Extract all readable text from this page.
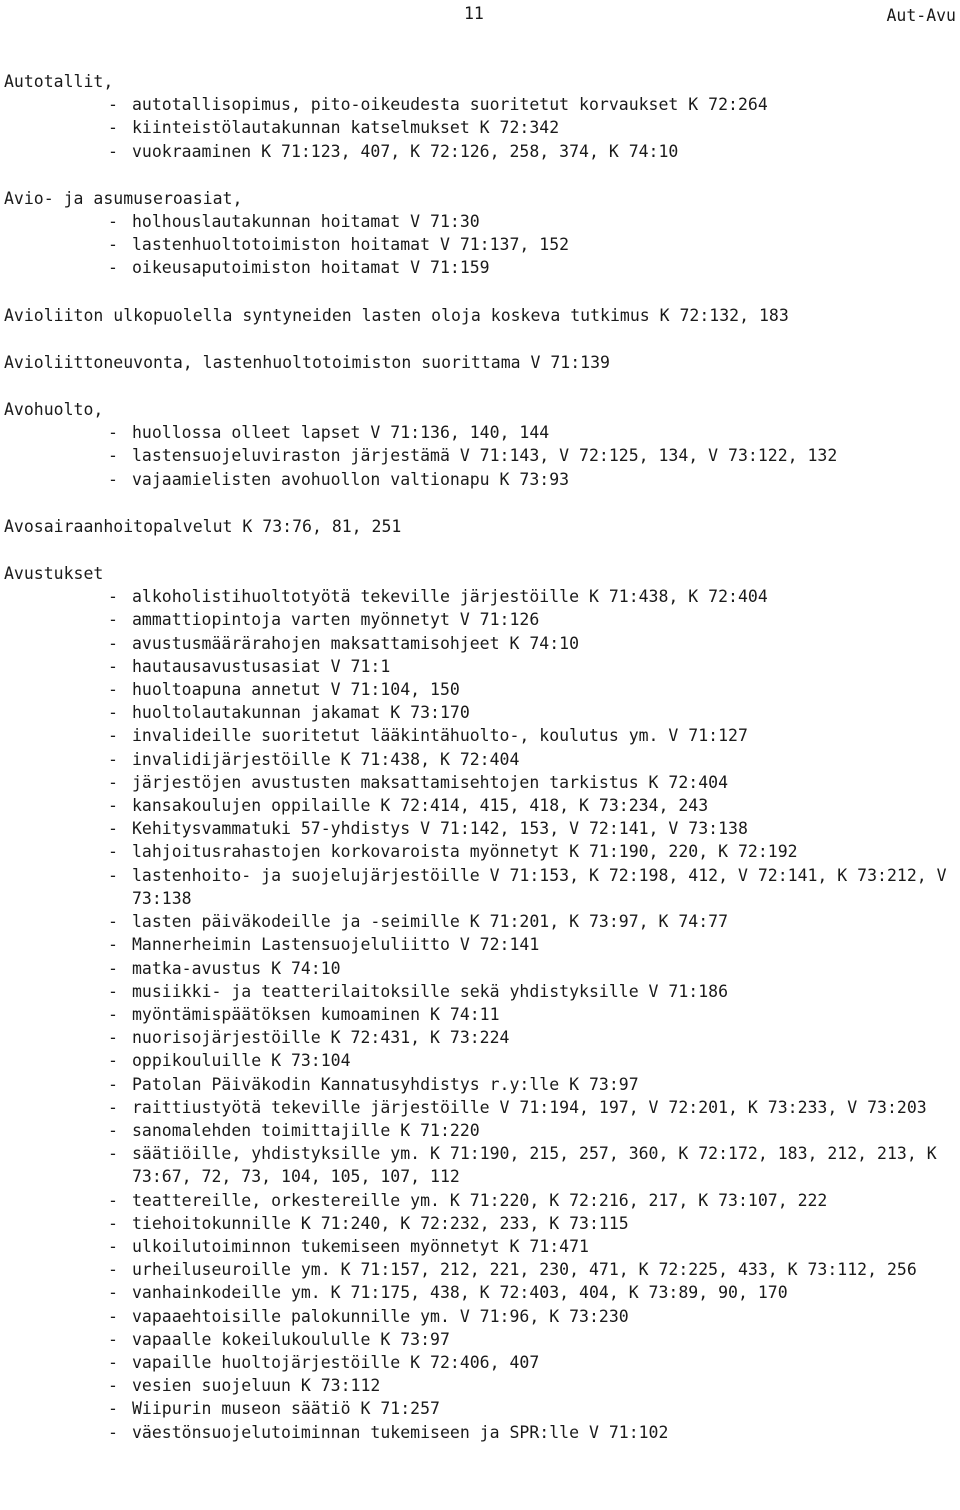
11	Aut-Avu
Autotallit,
- autotallisopimus, pito-oikeudesta suoritetut korvaukset K 72:264
- kiinteistölautakunnan katselmukset K 72:342
- vuokraaminen K 71:123, 407, K 72:126, 258, 374, K 74:10
Avio- ja asumuseroasiat,
- holhouslautakunnan hoitamat V 71:30
- lastenhuoltotoimiston hoitamat V 71:137, 152
- oikeusaputoimiston hoitamat V 71:159
Avioliiton ulkopuolella syntyneiden lasten oloja koskeva tutkimus K 72:132, 183
Avioliittoneuvonta, lastenhuoltotoimiston suorittama V 71:139
Avohuolto,
- huollossa olleet lapset V 71:136, 140, 144
- lastensuojeluviraston järjestämä V 71:143, V 72:125, 134, V 73:122, 132
- vajaamielisten avohuollon valtionapu K 73:93
Avosairaanhoitopalvelut K 73:76, 81, 251
Avustukset
- alkoholistihuoltotyötä tekeville järjestöille K 71:438, K 72:404
- ammattiopintoja varten myönnetyt V 71:126
- avustusmäärärahojen maksattamisohjeet K 74:10
- hautausavustusasiat V 71:1
- huoltoapuna annetut V 71:104, 150
- huoltolautakunnan jakamat K 73:170
- invalideille suoritetut lääkintähuolto-, koulutus ym. V 71:127
- invalidijärjestöille K 71:438, K 72:404
- järjestöjen avustusten maksattamisehtojen tarkistus K 72:404
- kansakoulujen oppilaille K 72:414, 415, 418, K 73:234, 243
- Kehitysvammatuki 57-yhdistys V 71:142, 153, V 72:141, V 73:138
- lahjoitusrahastojen korkovaroista myönnetyt K 71:190, 220, K 72:192
- lastenhoito- ja suojelujärjestöille V 71:153, K 72:198, 412, V 72:141, K 73:212, V 73:138
- lasten päiväkodeille ja -seimille K 71:201, K 73:97, K 74:77
- Mannerheimin Lastensuojeluliitto V 72:141
- matka-avustus K 74:10
- musiikki- ja teatterilaitoksille sekä yhdistyksille V 71:186
- myöntämispäätöksen kumoaminen K 74:11
- nuorisojärjestöille K 72:431, K 73:224
- oppikouluille K 73:104
- Patolan Päiväkodin Kannatusyhdistys r.y:lle K 73:97
- raittiustyötä tekeville järjestöille V 71:194, 197, V 72:201, K 73:233, V 73:203
- sanomalehden toimittajille K 71:220
- säätiöille, yhdistyksille ym. K 71:190, 215, 257, 360, K 72:172, 183, 212, 213, K 73:67, 72, 73, 104, 105, 107, 112
- teattereille, orkestereille ym. K 71:220, K 72:216, 217, K 73:107, 222
- tiehoitokunnille K 71:240, K 72:232, 233, K 73:115
- ulkoilutoiminnon tukemiseen myönnetyt K 71:471
- urheiluseuroille ym. K 71:157, 212, 221, 230, 471, K 72:225, 433, K 73:112, 256
- vanhainkodeille ym. K 71:175, 438, K 72:403, 404, K 73:89, 90, 170
- vapaaehtoisille palokunnille ym. V 71:96, K 73:230
- vapaalle kokeilukoululle K 73:97
- vapaille huoltojärjestöille K 72:406, 407
- vesien suojeluun K 73:112
- Wiipurin museon säätiö K 71:257
- väestönsuojelutoiminnan tukemiseen ja SPR:lle V 71:102
